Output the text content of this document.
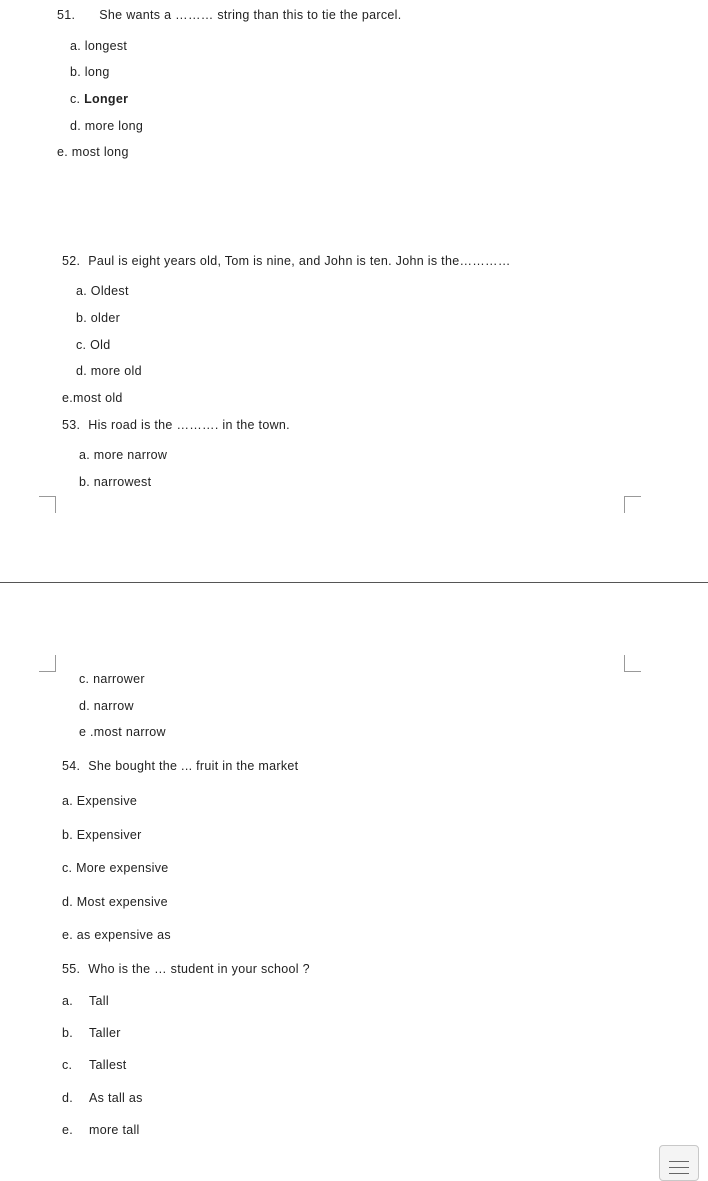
51. She wants a ……… string than this to tie the parcel.
a. longest
b. long
c. Longer
d. more long
e. most long
52. Paul is eight years old, Tom is nine, and John is ten. John is the…………
a. Oldest
b. older
c. Old
d. more old
e.most old
53. His road is the ………. in the town.
a. more narrow
b. narrowest
c. narrower
d. narrow
e .most narrow
54. She bought the ... fruit in the market
a. Expensive
b. Expensiver
c. More expensive
d. Most expensive
e. as expensive as
55. Who is the … student in your school ?
a. Tall
b. Taller
c. Tallest
d. As tall as
e. more tall
